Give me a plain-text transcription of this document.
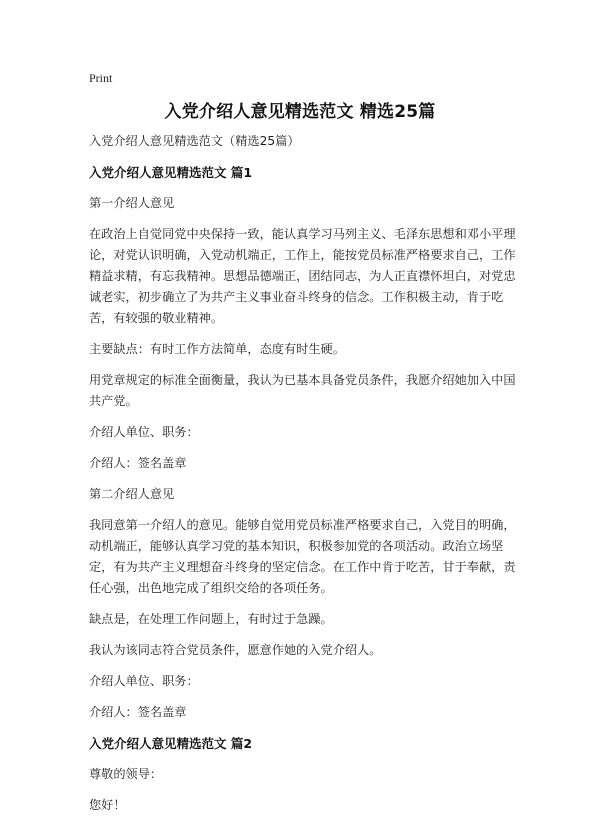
Print
入党介绍人意见精选范文 精选25篇

入党介绍人意见精选范文（精选25篇）

入党介绍人意见精选范文 篇1

第一介绍人意见

在政治上自觉同党中央保持一致，能认真学习马列主义、毛泽东思想和邓小平理论，对党认识明确，入党动机端正，工作上，能按党员标准严格要求自己，工作精益求精，有忘我精神。思想品德端正，团结同志，为人正直襟怀坦白，对党忠诚老实，初步确立了为共产主义事业奋斗终身的信念。工作积极主动，肯于吃苦，有较强的敬业精神。

主要缺点：有时工作方法简单，态度有时生硬。

用党章规定的标准全面衡量，我认为已基本具备党员条件，我愿介绍她加入中国共产党。

介绍人单位、职务：

介绍人：签名盖章

第二介绍人意见

我同意第一介绍人的意见。能够自觉用党员标准严格要求自己，入党目的明确，动机端正，能够认真学习党的基本知识，积极参加党的各项活动。政治立场坚定，有为共产主义理想奋斗终身的坚定信念。在工作中肯于吃苦，甘于奉献，责任心强，出色地完成了组织交给的各项任务。

缺点是，在处理工作问题上，有时过于急躁。

我认为该同志符合党员条件，愿意作她的入党介绍人。

介绍人单位、职务：

介绍人：签名盖章

入党介绍人意见精选范文 篇2

尊敬的领导：

您好！
